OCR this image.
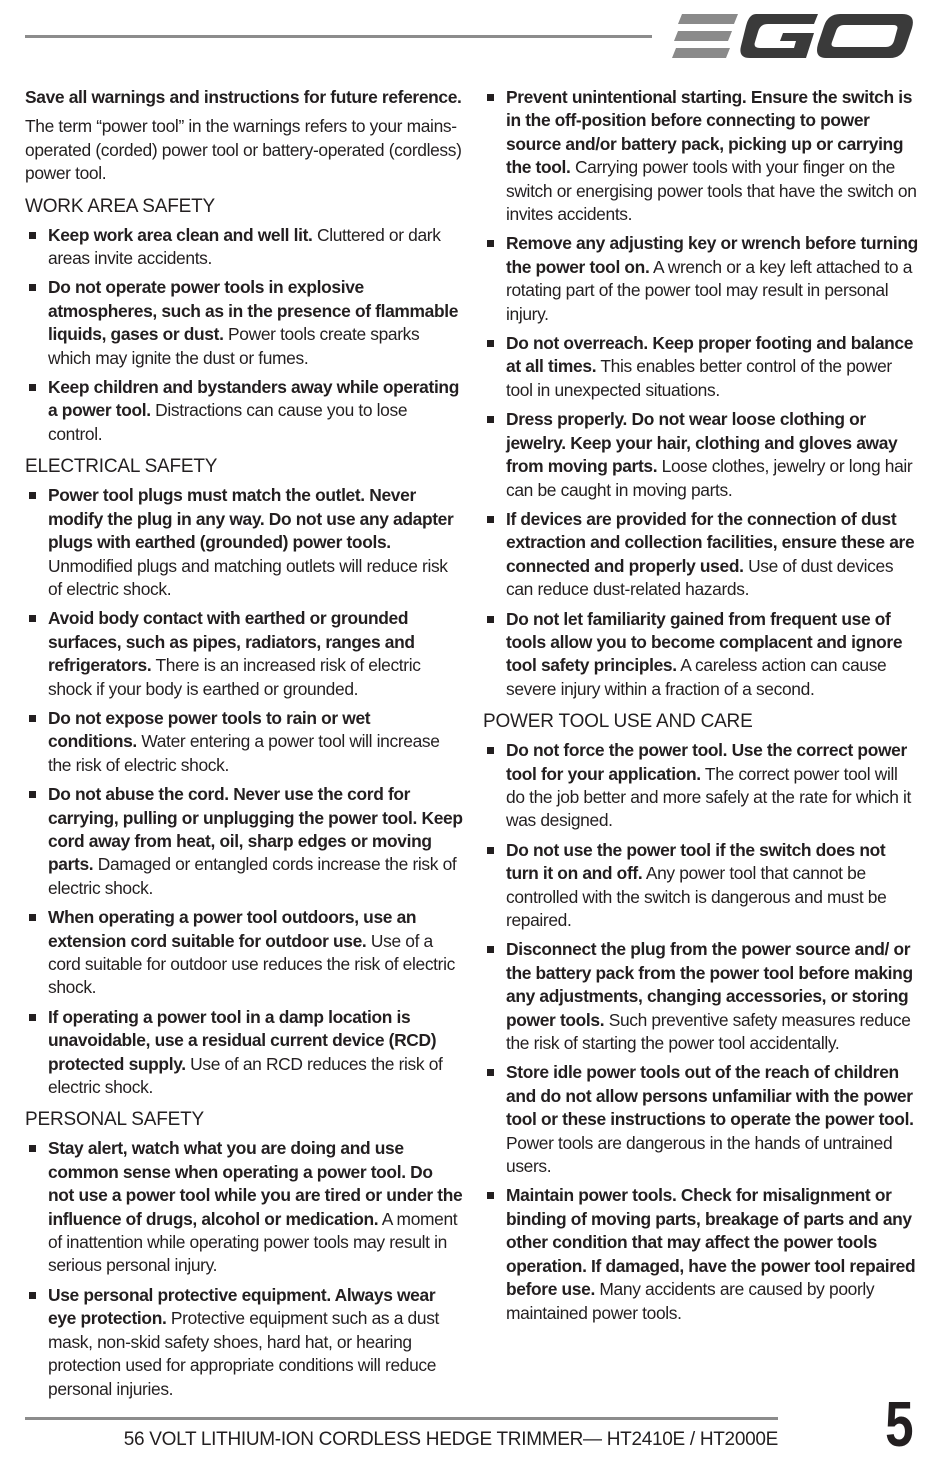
Save all warnings and instructions for future reference.

The term “power tool” in the warnings refers to your mains-operated (corded) power tool or battery-operated (cordless) power tool.

WORK AREA SAFETY
Keep work area clean and well lit. Cluttered or dark areas invite accidents.
Do not operate power tools in explosive atmospheres, such as in the presence of flammable liquids, gases or dust. Power tools create sparks which may ignite the dust or fumes.
Keep children and bystanders away while operating a power tool. Distractions can cause you to lose control.
ELECTRICAL SAFETY
Power tool plugs must match the outlet. Never modify the plug in any way. Do not use any adapter plugs with earthed (grounded) power tools. Unmodified plugs and matching outlets will reduce risk of electric shock.
Avoid body contact with earthed or grounded surfaces, such as pipes, radiators, ranges and refrigerators. There is an increased risk of electric shock if your body is earthed or grounded.
Do not expose power tools to rain or wet conditions. Water entering a power tool will increase the risk of electric shock.
Do not abuse the cord. Never use the cord for carrying, pulling or unplugging the power tool. Keep cord away from heat, oil, sharp edges or moving parts. Damaged or entangled cords increase the risk of electric shock.
When operating a power tool outdoors, use an extension cord suitable for outdoor use. Use of a cord suitable for outdoor use reduces the risk of electric shock.
If operating a power tool in a damp location is unavoidable, use a residual current device (RCD) protected supply. Use of an RCD reduces the risk of electric shock.
PERSONAL SAFETY
Stay alert, watch what you are doing and use common sense when operating a power tool. Do not use a power tool while you are tired or under the influence of drugs, alcohol or medication. A moment of inattention while operating power tools may result in serious personal injury.
Use personal protective equipment. Always wear eye protection. Protective equipment such as a dust mask, non-skid safety shoes, hard hat, or hearing protection used for appropriate conditions will reduce personal injuries.
Prevent unintentional starting. Ensure the switch is in the off-position before connecting to power source and/or battery pack, picking up or carrying the tool. Carrying power tools with your finger on the switch or energising power tools that have the switch on invites accidents.
Remove any adjusting key or wrench before turning the power tool on. A wrench or a key left attached to a rotating part of the power tool may result in personal injury.
Do not overreach. Keep proper footing and balance at all times. This enables better control of the power tool in unexpected situations.
Dress properly. Do not wear loose clothing or jewelry. Keep your hair, clothing and gloves away from moving parts. Loose clothes, jewelry or long hair can be caught in moving parts.
If devices are provided for the connection of dust extraction and collection facilities, ensure these are connected and properly used. Use of dust devices can reduce dust-related hazards.
Do not let familiarity gained from frequent use of tools allow you to become complacent and ignore tool safety principles. A careless action can cause severe injury within a fraction of a second.
POWER TOOL USE AND CARE
Do not force the power tool. Use the correct power tool for your application. The correct power tool will do the job better and more safely at the rate for which it was designed.
Do not use the power tool if the switch does not turn it on and off. Any power tool that cannot be controlled with the switch is dangerous and must be repaired.
Disconnect the plug from the power source and/ or the battery pack from the power tool before making any adjustments, changing accessories, or storing power tools. Such preventive safety measures reduce the risk of starting the power tool accidentally.
Store idle power tools out of the reach of children and do not allow persons unfamiliar with the power tool or these instructions to operate the power tool. Power tools are dangerous in the hands of untrained users.
Maintain power tools. Check for misalignment or binding of moving parts, breakage of parts and any other condition that may affect the power tools operation. If damaged, have the power tool repaired before use. Many accidents are caused by poorly maintained power tools.
56 VOLT LITHIUM-ION CORDLESS HEDGE TRIMMER— HT2410E / HT2000E 5
